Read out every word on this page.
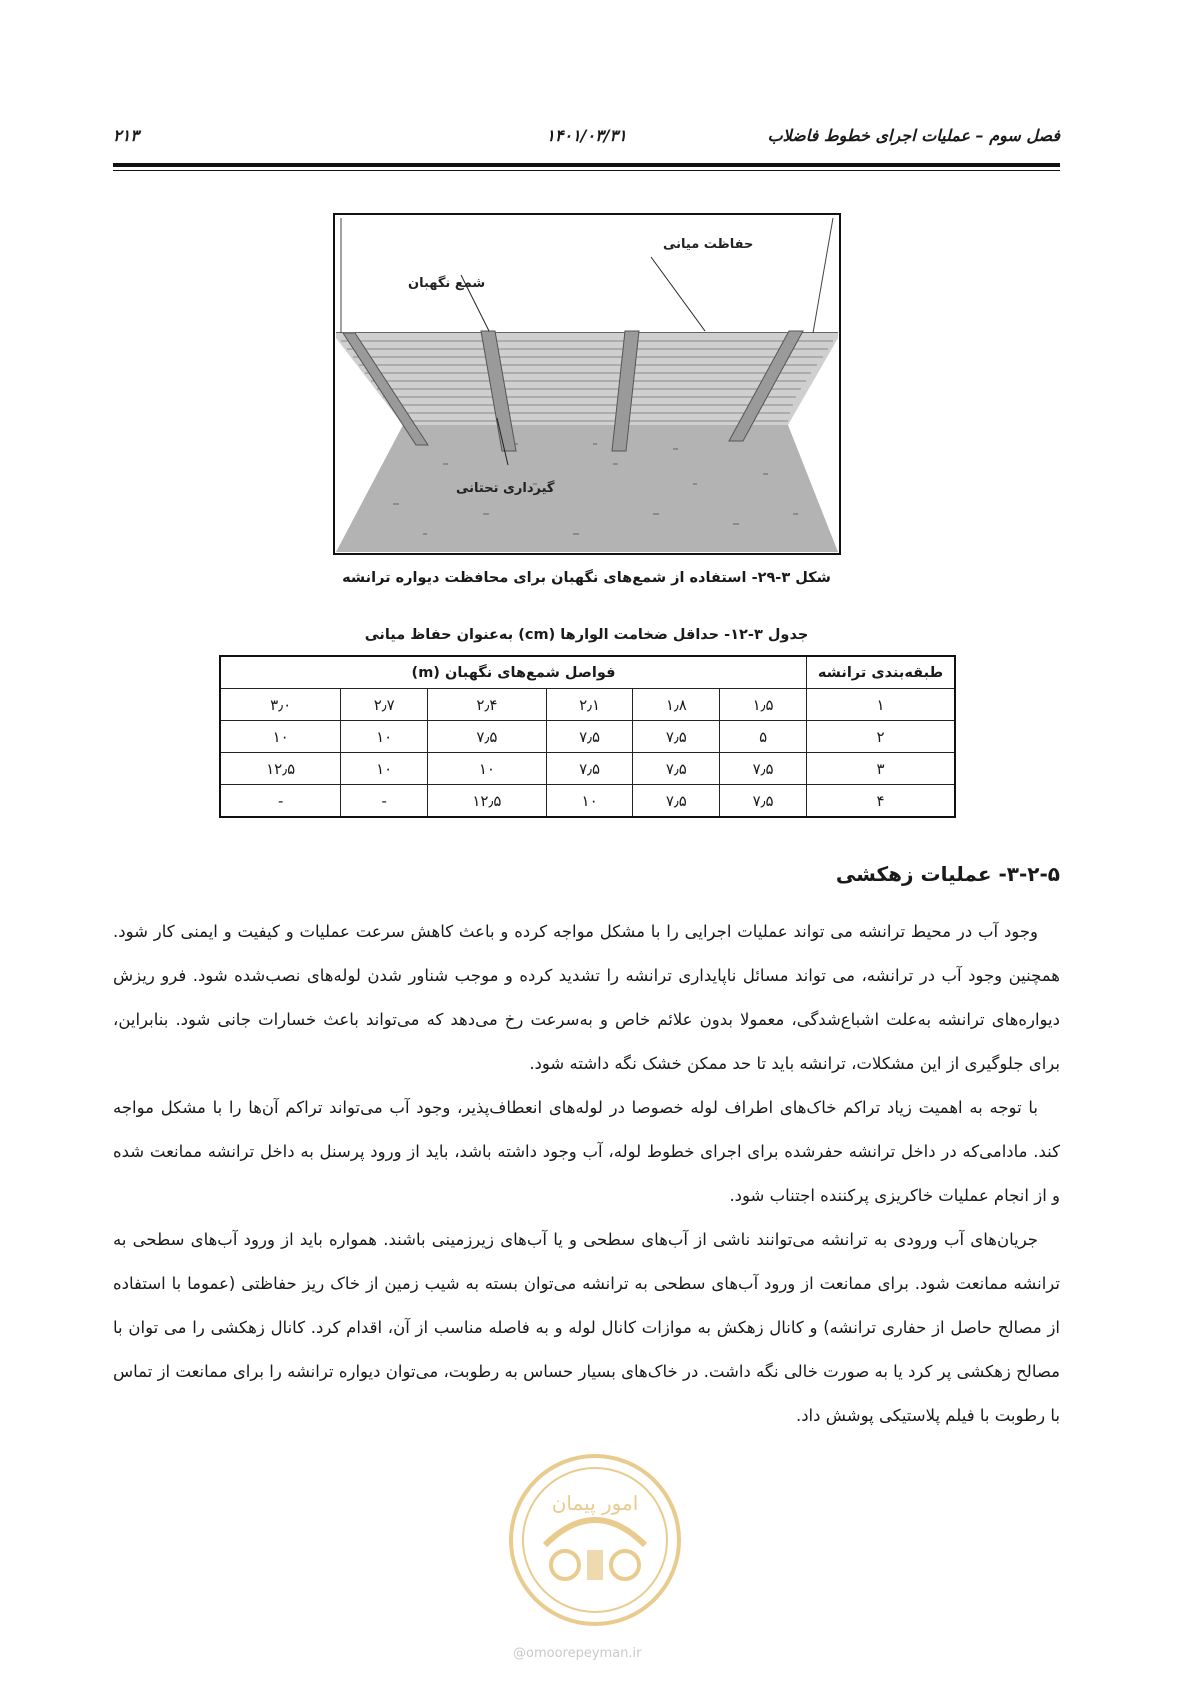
فصل سوم – عملیات اجرای خطوط فاضلاب
۱۴۰۱/۰۳/۳۱
۲۱۳
حفاظت میانی
شمع نگهبان
گیرداری تحتانی
شکل ۳-۲۹- استفاده از شمع‌های نگهبان برای محافظت دیواره ترانشه
جدول ۳-۱۲- حداقل ضخامت الوارها (cm) به‌عنوان حفاظ میانی
طبقه‌بندی ترانشه	فواصل شمع‌های نگهبان (m)					
۱	۱٫۵	۱٫۸	۲٫۱	۲٫۴	۲٫۷	۳٫۰
۲	۵	۷٫۵	۷٫۵	۷٫۵	۱۰	۱۰
۳	۷٫۵	۷٫۵	۷٫۵	۱۰	۱۰	۱۲٫۵
۴	۷٫۵	۷٫۵	۱۰	۱۲٫۵	-	-
۳-۲-۵- عملیات زهکشی

وجود آب در محیط ترانشه می تواند عملیات اجرایی را با مشکل مواجه کرده و باعث کاهش سرعت عملیات و کیفیت و ایمنی کار شود. همچنین وجود آب در ترانشه، می تواند مسائل ناپایداری ترانشه را تشدید کرده و موجب شناور شدن لوله‌های نصب‌شده شود. فرو ریزش دیواره‌های ترانشه به‌علت اشباع‌شدگی، معمولا بدون علائم خاص و به‌سرعت رخ می‌دهد که می‌تواند باعث خسارات جانی شود. بنابراین، برای جلوگیری از این مشکلات، ترانشه باید تا حد ممکن خشک نگه داشته شود.

با توجه به اهمیت زیاد تراکم خاک‌های اطراف لوله خصوصا در لوله‌های انعطاف‌پذیر، وجود آب می‌تواند تراکم آن‌ها را با مشکل مواجه کند. مادامی‌که در داخل ترانشه حفرشده برای اجرای خطوط لوله، آب وجود داشته باشد، باید از ورود پرسنل به داخل ترانشه ممانعت شده و از انجام عملیات خاکریزی پرکننده اجتناب شود.

جریان‌های آب ورودی به ترانشه می‌توانند ناشی از آب‌های سطحی و یا آب‌های زیرزمینی باشند. همواره باید از ورود آب‌های سطحی به ترانشه ممانعت شود. برای ممانعت از ورود آب‌های سطحی به ترانشه می‌توان بسته به شیب زمین از خاک ریز حفاظتی (عموما با استفاده از مصالح حاصل از حفاری ترانشه) و کانال زهکش به موازات کانال لوله و به فاصله مناسب از آن، اقدام کرد. کانال زهکشی را می توان با مصالح زهکشی پر کرد یا به صورت خالی نگه داشت. در خاک‌های بسیار حساس به رطوبت، می‌توان دیواره ترانشه را برای ممانعت از تماس با رطوبت با فیلم پلاستیکی پوشش داد.

امور پیمان
@omoorepeyman.ir
